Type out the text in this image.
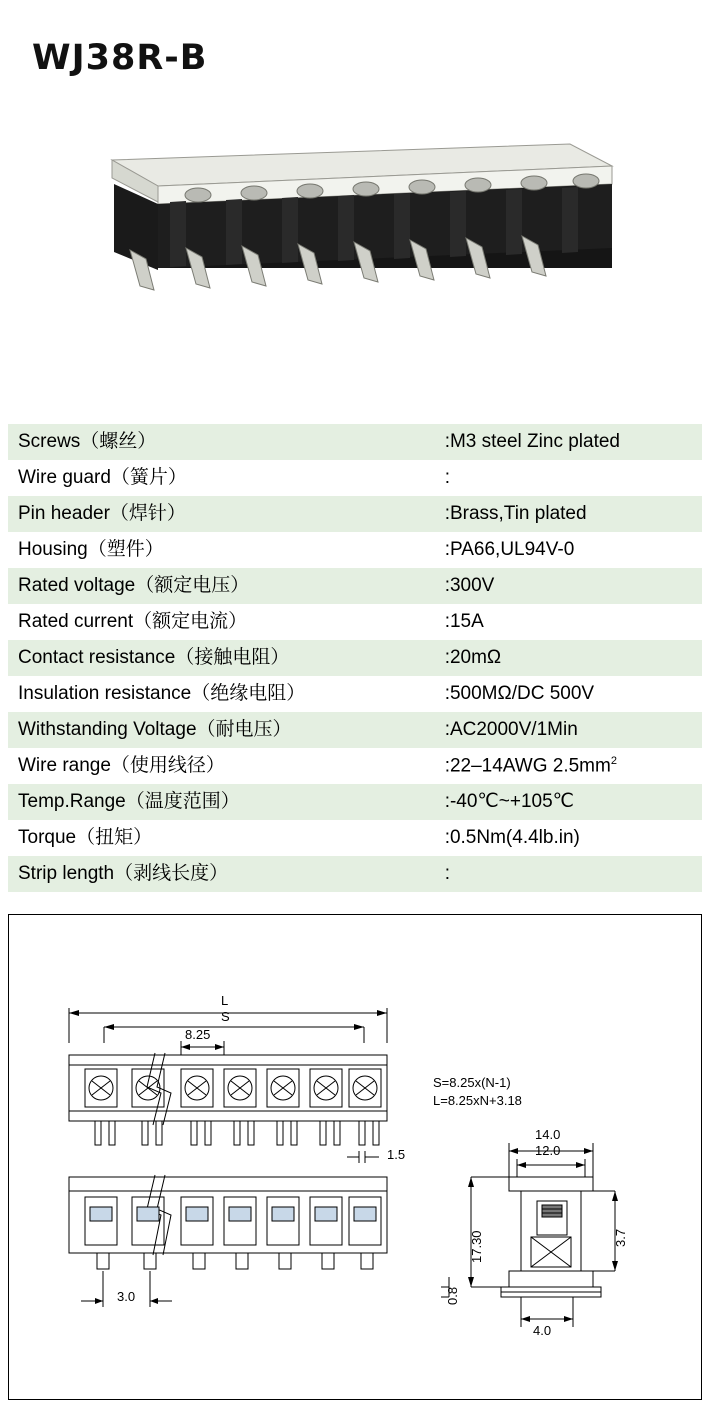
WJ38R-B
Screws（螺丝）	:M3 steel Zinc plated
Wire guard（簧片）	:
Pin header（焊针）	:Brass,Tin plated
Housing（塑件）	:PA66,UL94V-0
Rated voltage（额定电压）	:300V
Rated current（额定电流）	:15A
Contact resistance（接触电阻）	:20mΩ
Insulation resistance（绝缘电阻）	:500MΩ/DC 500V
Withstanding Voltage（耐电压）	:AC2000V/1Min
Wire range（使用线径）	:22–14AWG $2.5mm^2$
Temp.Range（温度范围）	:-40℃~+105℃
Torque（扭矩）	:0.5Nm(4.4lb.in)
Strip length（剥线长度）	:
L
S
8.25
1.5
3.0
S=8.25x(N-1)
L=8.25xN+3.18
14.0
12.0
17.30
0.8
3.7
4.0
